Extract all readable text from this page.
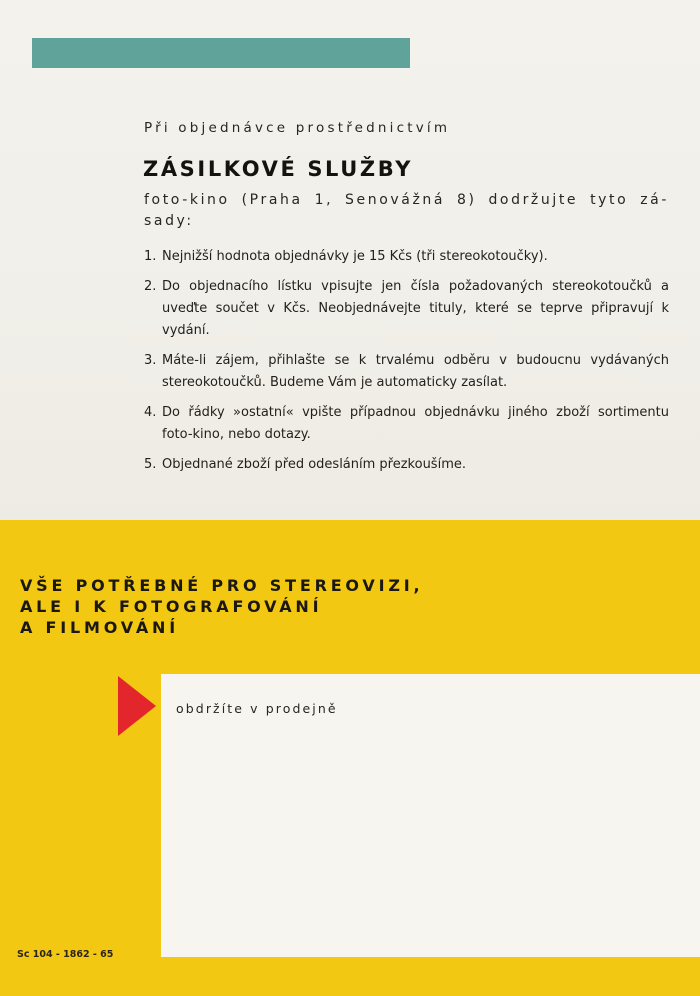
Při objednávce prostřednictvím
ZÁSILKOVÉ SLUŽBY
foto-kino (Praha 1, Senovážná 8) dodržujte tyto zá-sady:
1. Nejnižší hodnota objednávky je 15 Kčs (tři stereokotoučky).
2. Do objednacího lístku vpisujte jen čísla požadovaných stereokotoučků a uveďte součet v Kčs. Neobjednávejte tituly, které se teprve připravují k vydání.
3. Máte-li zájem, přihlašte se k trvalému odběru v budoucnu vydávaných stereokotoučků. Budeme Vám je automaticky zasílat.
4. Do řádky »ostatní« vpište případnou objednávku jiného zboží sortimentu foto-kino, nebo dotazy.
5. Objednané zboží před odesláním přezkoušíme.
VŠE POTŘEBNÉ PRO STEREOVIZI,
ALE I K FOTOGRAFOVÁNÍ
A FILMOVÁNÍ
obdržíte v prodejně
Sc 104 - 1862 - 65
